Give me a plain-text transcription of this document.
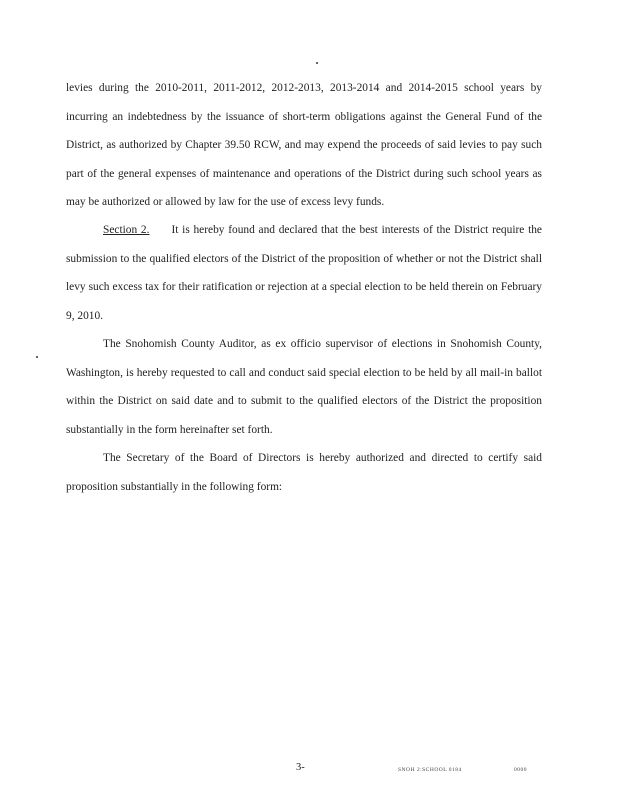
levies during the 2010-2011, 2011-2012, 2012-2013, 2013-2014 and 2014-2015 school years by incurring an indebtedness by the issuance of short-term obligations against the General Fund of the District, as authorized by Chapter 39.50 RCW, and may expend the proceeds of said levies to pay such part of the general expenses of maintenance and operations of the District during such school years as may be authorized or allowed by law for the use of excess levy funds.

Section 2. It is hereby found and declared that the best interests of the District require the submission to the qualified electors of the District of the proposition of whether or not the District shall levy such excess tax for their ratification or rejection at a special election to be held therein on February 9, 2010.

The Snohomish County Auditor, as ex officio supervisor of elections in Snohomish County, Washington, is hereby requested to call and conduct said special election to be held by all mail-in ballot within the District on said date and to submit to the qualified electors of the District the proposition substantially in the form hereinafter set forth.

The Secretary of the Board of Directors is hereby authorized and directed to certify said proposition substantially in the following form:

3-	SNOH 2:SCHOOL 0184	0000
